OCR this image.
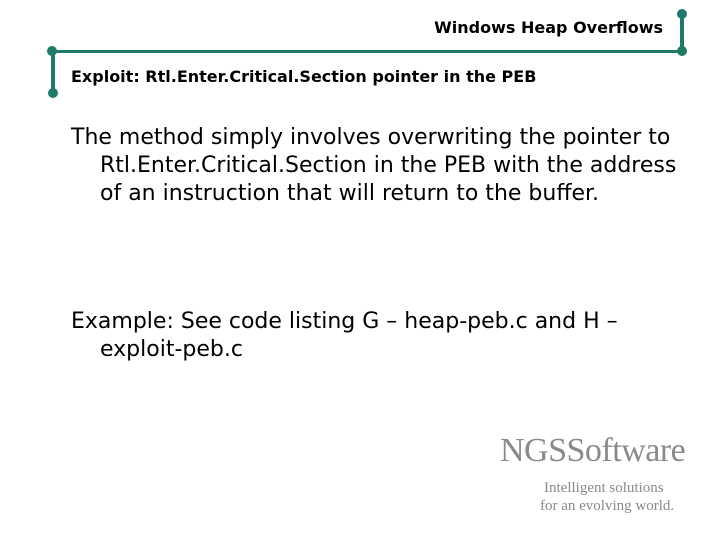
Windows Heap Overflows
Exploit: Rtl.Enter.Critical.Section pointer in the PEB
The method simply involves overwriting the pointer to Rtl.Enter.Critical.Section in the PEB with the address of an instruction that will return to the buffer.
Example: See code listing G – heap-peb.c and H – exploit-peb.c
NGSSoftware
Intelligent solutions
for an evolving world.
